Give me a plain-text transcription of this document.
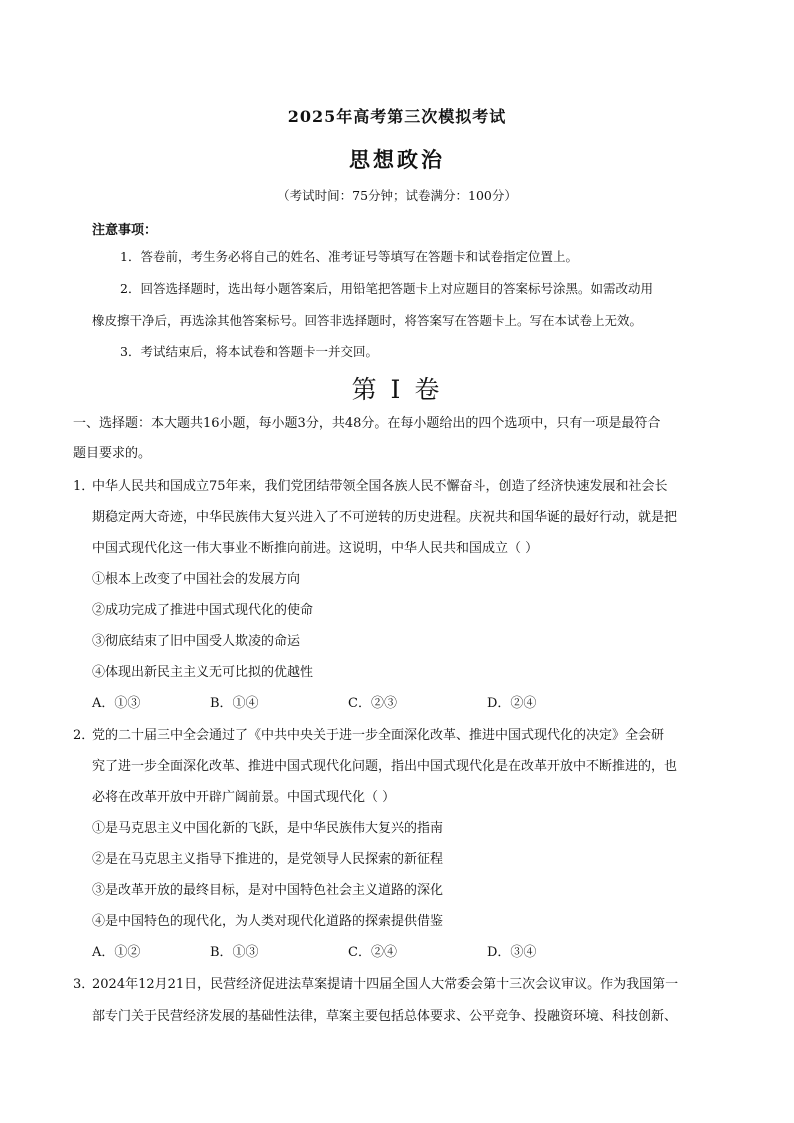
2025年高考第三次模拟考试
思想政治
（考试时间：75分钟；试卷满分：100分）
注意事项：
1．答卷前，考生务必将自己的姓名、准考证号等填写在答题卡和试卷指定位置上。
2．回答选择题时，选出每小题答案后，用铅笔把答题卡上对应题目的答案标号涂黑。如需改动用
橡皮擦干净后，再选涂其他答案标号。回答非选择题时，将答案写在答题卡上。写在本试卷上无效。
3．考试结束后，将本试卷和答题卡一并交回。
第 I 卷
一、选择题：本大题共16小题，每小题3分，共48分。在每小题给出的四个选项中，只有一项是最符合
题目要求的。
1．
中华人民共和国成立75年来，我们党团结带领全国各族人民不懈奋斗，创造了经济快速发展和社会长
期稳定两大奇迹，中华民族伟大复兴进入了不可逆转的历史进程。庆祝共和国华诞的最好行动，就是把
中国式现代化这一伟大事业不断推向前进。这说明，中华人民共和国成立（ ）
①根本上改变了中国社会的发展方向
②成功完成了推进中国式现代化的使命
③彻底结束了旧中国受人欺凌的命运
④体现出新民主主义无可比拟的优越性
A．①③	B．①④	C．②③	D．②④
2．
党的二十届三中全会通过了《中共中央关于进一步全面深化改革、推进中国式现代化的决定》全会研
究了进一步全面深化改革、推进中国式现代化问题，指出中国式现代化是在改革开放中不断推进的，也
必将在改革开放中开辟广阔前景。中国式现代化（ ）
①是马克思主义中国化新的飞跃，是中华民族伟大复兴的指南
②是在马克思主义指导下推进的，是党领导人民探索的新征程
③是改革开放的最终目标，是对中国特色社会主义道路的深化
④是中国特色的现代化，为人类对现代化道路的探索提供借鉴
A．①②	B．①③	C．②④	D．③④
3．
2024年12月21日，民营经济促进法草案提请十四届全国人大常委会第十三次会议审议。作为我国第一
部专门关于民营经济发展的基础性法律，草案主要包括总体要求、公平竞争、投融资环境、科技创新、
